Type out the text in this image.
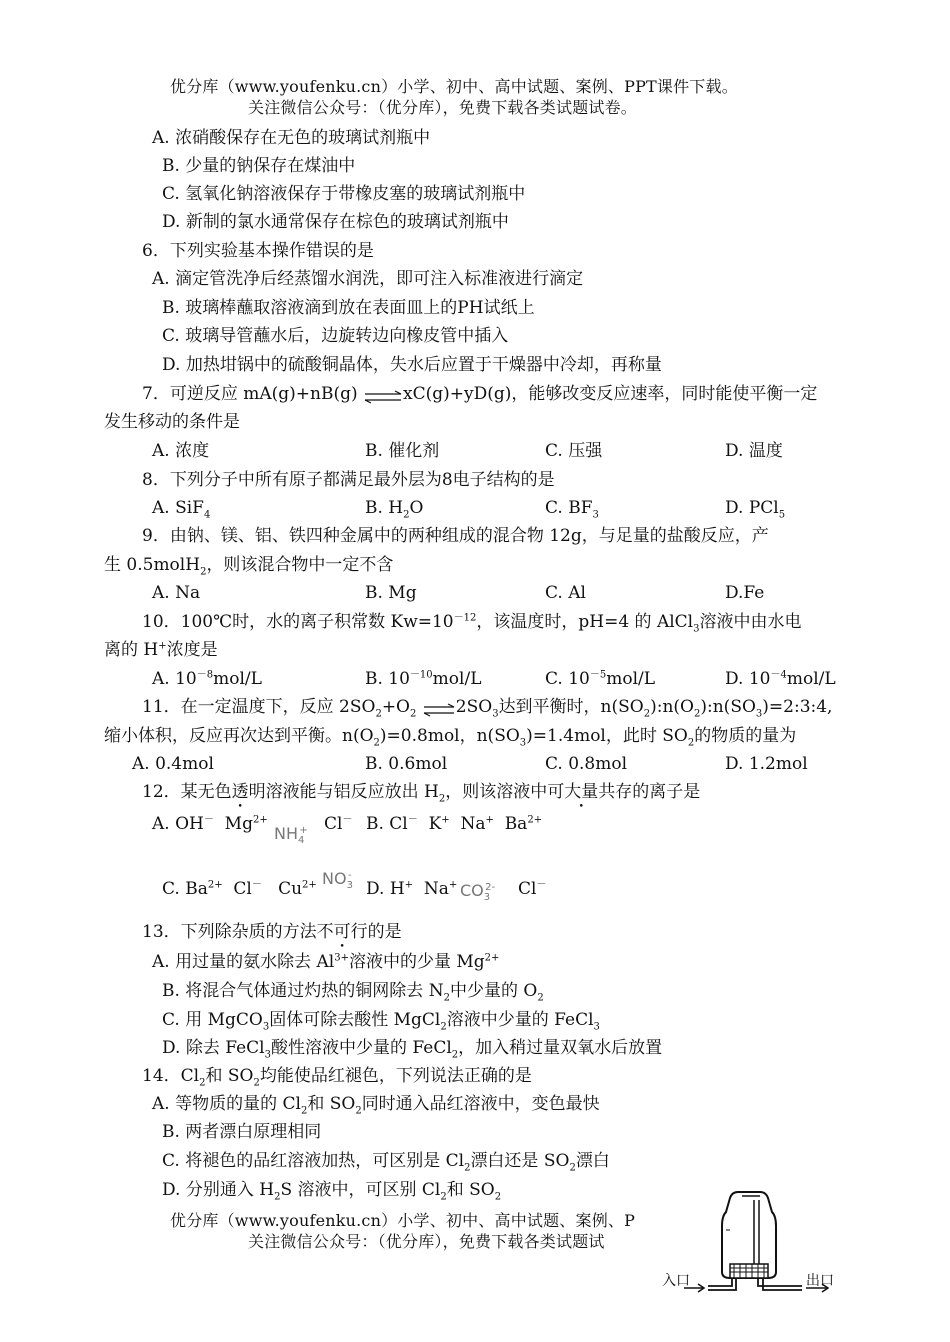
优分库（www.youfenku.cn）小学、初中、高中试题、案例、PPT课件下载。
关注微信公众号：（优分库），免费下载各类试题试卷。
A. 浓硝酸保存在无色的玻璃试剂瓶中
B. 少量的钠保存在煤油中
C. 氢氧化钠溶液保存于带橡皮塞的玻璃试剂瓶中
D. 新制的氯水通常保存在棕色的玻璃试剂瓶中
6．下列实验基本操作错误的是
A. 滴定管洗净后经蒸馏水润洗，即可注入标准液进行滴定
B. 玻璃棒蘸取溶液滴到放在表面皿上的PH试纸上
C. 玻璃导管蘸水后，边旋转边向橡皮管中插入
D. 加热坩锅中的硫酸铜晶体，失水后应置于干燥器中冷却，再称量
7．可逆反应 mA(g)+nB(g) ⇌xC(g)+yD(g)，能够改变反应速率，同时能使平衡一定
发生移动的条件是
A. 浓度	B. 催化剂	C. 压强	D. 温度
8．下列分子中所有原子都满足最外层为8电子结构的是
A. SiF$_4$	B. $H_2O$	C. $BF_3$	D. PCl$_5$
9．由钠、镁、铝、铁四种金属中的两种组成的混合物 12g，与足量的盐酸反应，产
生 0.5molH$_2$，则该混合物中一定不含
A. Na	B. Mg	C. Al	D.Fe
10．100℃时，水的离子积常数 $Kw=10^{-12}$，该温度时，pH=4 的 AlCl$_3$溶液中由水电
离的 H+浓度是
A. $10^{-8}mol/L$	B. $10^{-10}mol/L$	C. $10^{-5}mol/L$	D. $10^{-4}mol/L$
11．在一定温度下，反应 $2SO_2+O_2$ $\rightleftharpoons 2SO_3$达到平衡时，$n(SO_2):n(O_2):n(SO_3)=2:3:4$,
缩小体积，反应再次达到平衡。$n(O_2)=0.8mol$，$n(SO_3)=1.4mol$，此时 $SO_2$的物质的量为
A. 0.4mol	B. 0.6mol	C. 0.8mol	D. 1.2mol
12．某无色透明溶液能与铝反应放出 $H_2$，则该溶液中可大量共存的离子是
A. OH－ $Mg^{2+}$
$NH_4^+$ Cl－ B. Cl－ K+ Na+ $Ba^{2+}$
C. $Ba^{2+}$ Cl－ $Cu^{2+}$ $NO_3^-$
D. H+ Na+ $CO_3^{2-}$ Cl－
13．下列除杂质的方法不可行的是
A. 用过量的氨水除去 $Al^{3+}$溶液中的少量 $Mg^{2+}$
B. 将混合气体通过灼热的铜网除去 $N_2$中少量的 $O_2$
C. 用 MgCO$_3$固体可除去酸性 MgCl$_2$溶液中少量的 FeCl$_3$
D. 除去 FeCl$_3$酸性溶液中少量的 FeCl$_2$，加入稍过量双氧水后放置
14．$Cl_2$和 $SO_2$均能使品红褪色，下列说法正确的是
A. 等物质的量的 $Cl_2$和 $SO_2$同时通入品红溶液中，变色最快
B. 两者漂白原理相同
C. 将褪色的品红溶液加热，可区别是 $Cl_2$漂白还是 $SO_2$漂白
D. 分别通入 $H_2S$ 溶液中，可区别 $Cl_2$和 $SO_2$
优分库（www.youfenku.cn）小学、初中、高中试题、案例、P
关注微信公众号：（优分库），免费下载各类试题试
入口	出口
